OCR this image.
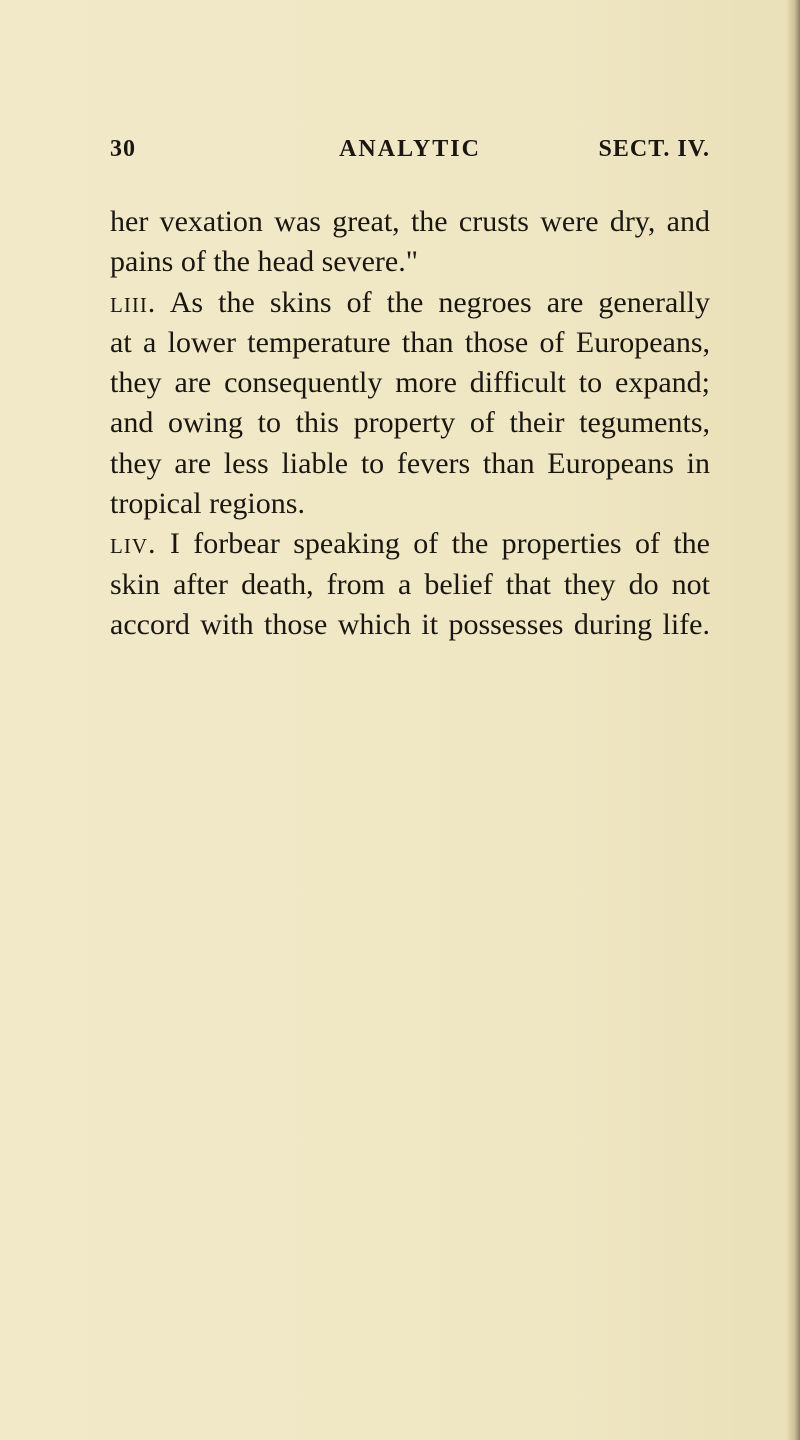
30	ANALYTIC	SECT. IV.
her vexation was great, the crusts were dry, and
pains of the head severe."
liii. As the skins of the negroes are generally
at a lower temperature than those of Europeans,
they are consequently more difficult to expand;
and owing to this property of their teguments,
they are less liable to fevers than Europeans in
tropical regions.
liv. I forbear speaking of the properties of the
skin after death, from a belief that they do not
accord with those which it possesses during life.
